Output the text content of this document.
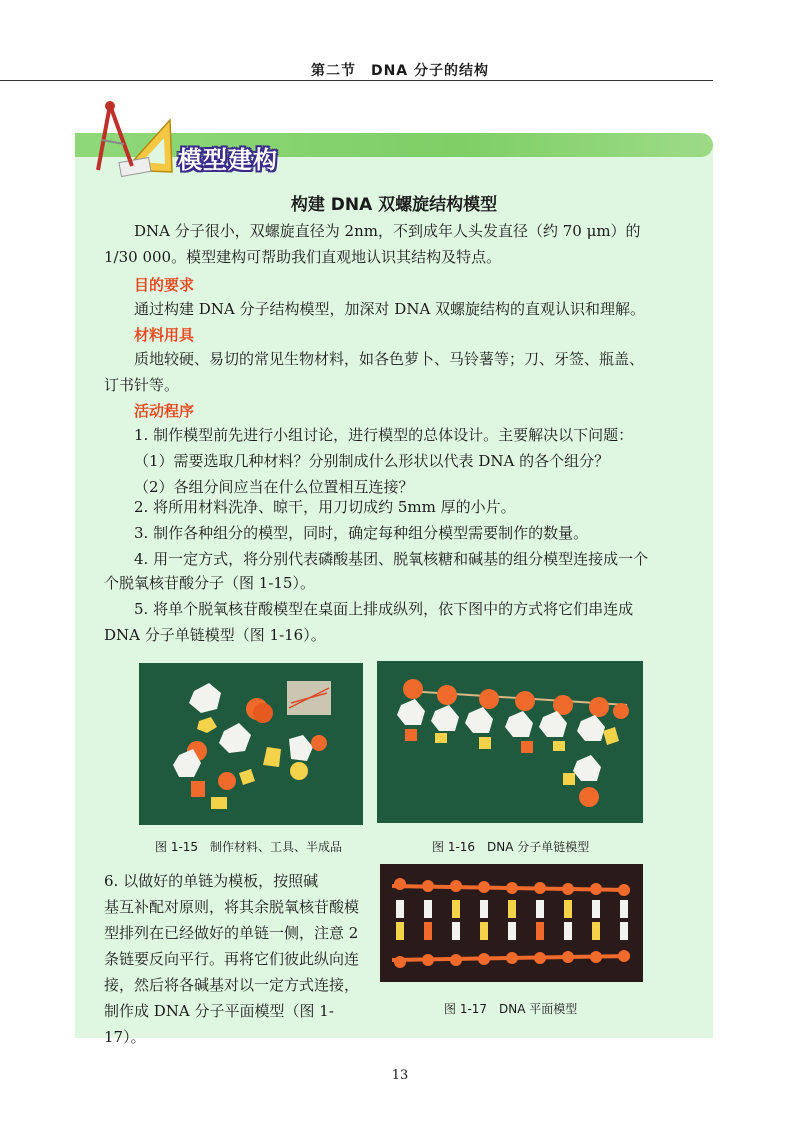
第二节　DNA 分子的结构
模型建构
构建 DNA 双螺旋结构模型
DNA 分子很小，双螺旋直径为 2nm，不到成年人头发直径（约 70 μm）的
1/30 000。模型建构可帮助我们直观地认识其结构及特点。
目的要求
通过构建 DNA 分子结构模型，加深对 DNA 双螺旋结构的直观认识和理解。
材料用具
质地较硬、易切的常见生物材料，如各色萝卜、马铃薯等；刀、牙签、瓶盖、
订书针等。
活动程序
1. 制作模型前先进行小组讨论，进行模型的总体设计。主要解决以下问题：
（1）需要选取几种材料？分别制成什么形状以代表 DNA 的各个组分？
（2）各组分间应当在什么位置相互连接？
2. 将所用材料洗净、晾干，用刀切成约 5mm 厚的小片。
3. 制作各种组分的模型，同时，确定每种组分模型需要制作的数量。
4. 用一定方式，将分别代表磷酸基团、脱氧核糖和碱基的组分模型连接成一个
个脱氧核苷酸分子（图 1-15）。
5. 将单个脱氧核苷酸模型在桌面上排成纵列，依下图中的方式将它们串连成
DNA 分子单链模型（图 1-16）。
图 1-15　制作材料、工具、半成品	图 1-16　DNA 分子单链模型
6. 以做好的单链为模板，按照碱
基互补配对原则，将其余脱氧核苷酸模
型排列在已经做好的单链一侧，注意 2
条链要反向平行。再将它们彼此纵向连
接，然后将各碱基对以一定方式连接，
制作成 DNA 分子平面模型（图 1-17）。
图 1-17　DNA 平面模型
13
